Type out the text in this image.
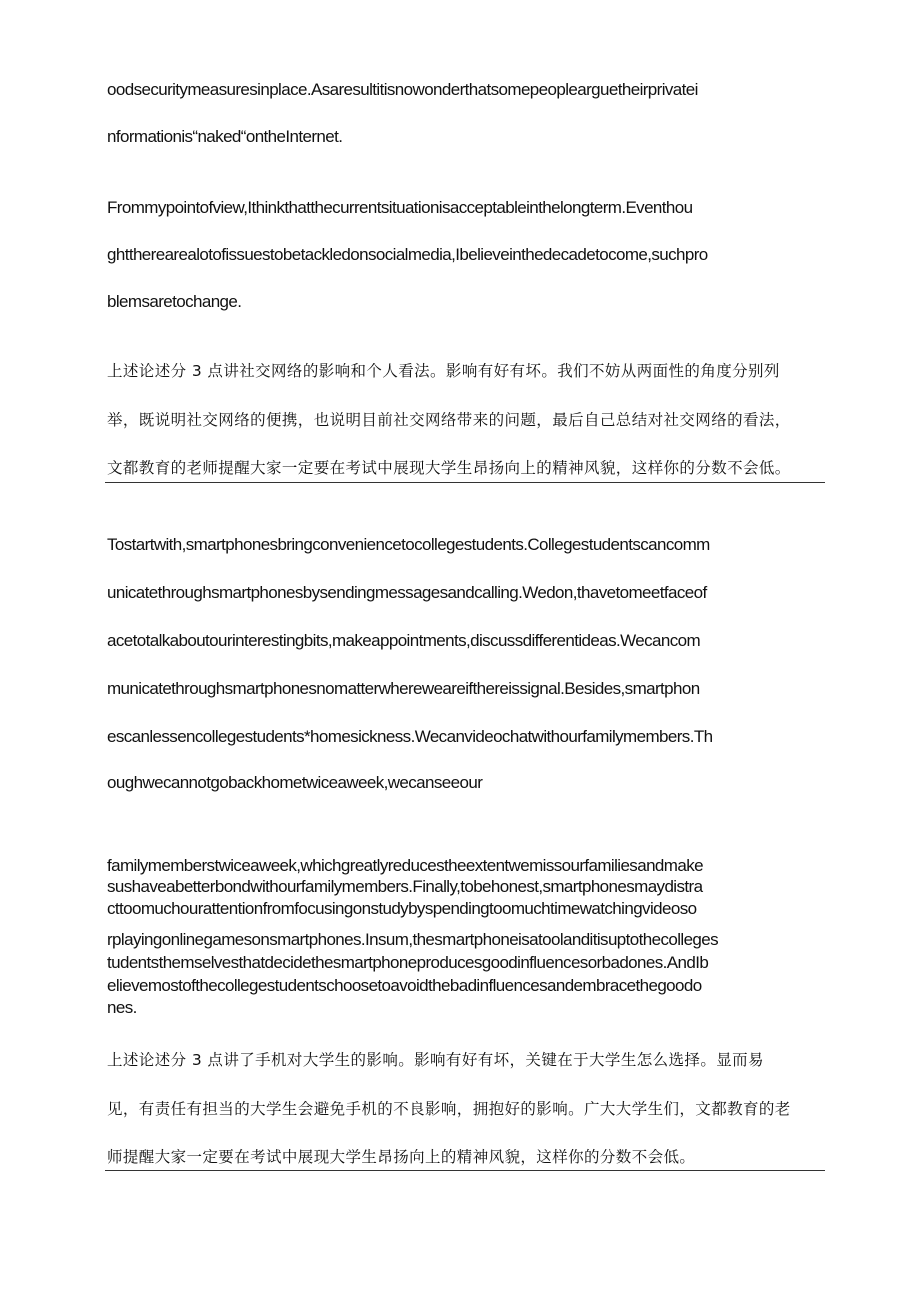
oodsecuritymeasuresinplace.Asaresultitisnowonderthatsomepeoplearguetheirprivatei
nformationis“naked“ontheInternet.
Frommypointofview,Ithinkthatthecurrentsituationisacceptableinthelongterm.Eventhou
ghttherearealotofissuestobetackledonsocialmedia,Ibelieveinthedecadetocome,suchpro
blemsaretochange.
上述论述分 3 点讲社交网络的影响和个人看法。影响有好有坏。我们不妨从两面性的角度分别列
举，既说明社交网络的便携，也说明目前社交网络带来的问题，最后自己总结对社交网络的看法，
文都教育的老师提醒大家一定要在考试中展现大学生昂扬向上的精神风貌，这样你的分数不会低。
Tostartwith,smartphonesbringconveniencetocollegestudents.Collegestudentscancomm
unicatethroughsmartphonesbysendingmessagesandcalling.Wedon,thavetomeetfaceof
acetotalkaboutourinterestingbits,makeappointments,discussdifferentideas.Wecancom
municatethroughsmartphonesnomatterwhereweareifthereissignal.Besides,smartphon
escanlessencollegestudents*homesickness.Wecanvideochatwithourfamilymembers.Th
oughwecannotgobackhometwiceaweek,wecanseeour
familymemberstwiceaweek,whichgreatlyreducestheextentwemissourfamiliesandmake
sushaveabetterbondwithourfamilymembers.Finally,tobehonest,smartphonesmaydistra
cttoomuchourattentionfromfocusingonstudybyspendingtoomuchtimewatchingvideoso
rplayingonlinegamesonsmartphones.Insum,thesmartphoneisatoolanditisuptothecolleges
tudentsthemselvesthatdecidethesmartphoneproducesgoodinfluencesorbadones.AndIb
elievemostofthecollegestudentschoosetoavoidthebadinfluencesandembracethegoodo
nes.
上述论述分 3 点讲了手机对大学生的影响。影响有好有坏，关键在于大学生怎么选择。显而易
见，有责任有担当的大学生会避免手机的不良影响，拥抱好的影响。广大大学生们，文都教育的老
师提醒大家一定要在考试中展现大学生昂扬向上的精神风貌，这样你的分数不会低。
